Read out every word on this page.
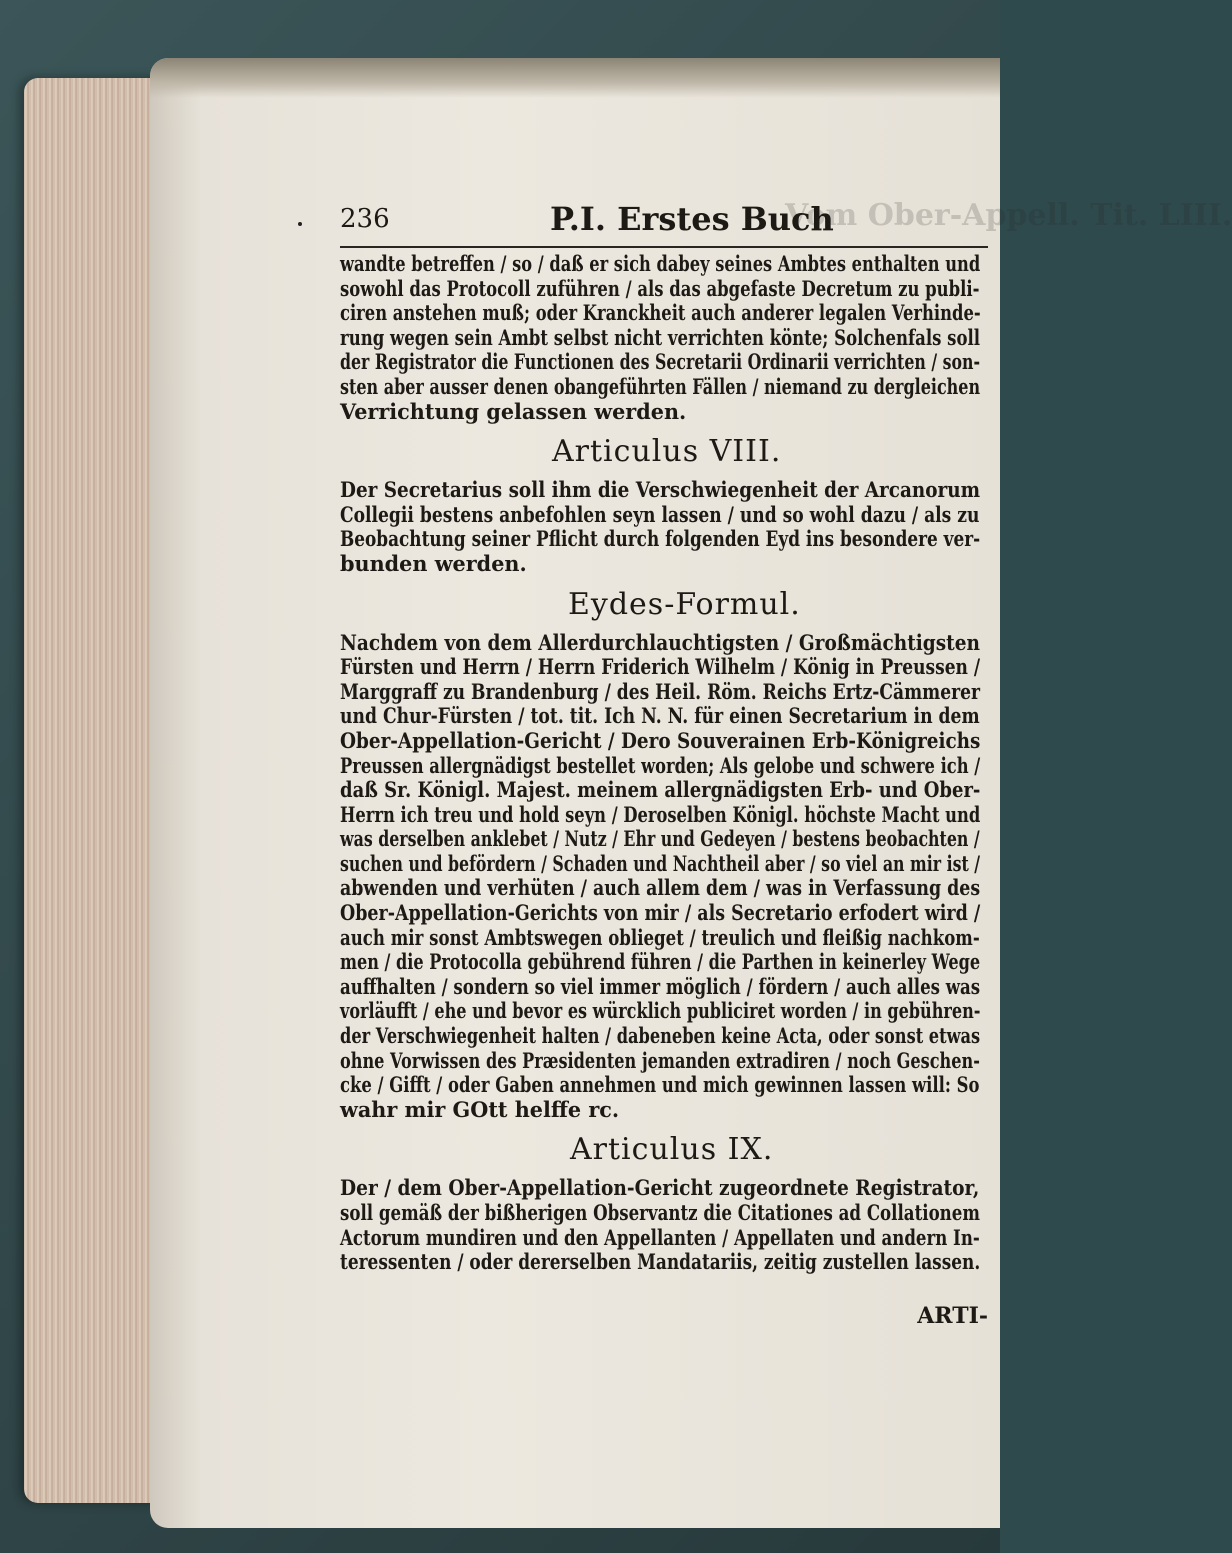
236	P.I. Erstes Buch
Vom Ober-Appell. Tit. LIII.

wandte betreffen / so / daß er sich dabey seines Ambtes enthalten und

sowohl das Protocoll zuführen / als das abgefaste Decretum zu publi-

ciren anstehen muß; oder Kranckheit auch anderer legalen Verhinde-

rung wegen sein Ambt selbst nicht verrichten könte; Solchenfals soll

der Registrator die Functionen des Secretarii Ordinarii verrichten / son-

sten aber ausser denen obangeführten Fällen / niemand zu dergleichen

Verrichtung gelassen werden.

Articulus VIII.

Der Secretarius soll ihm die Verschwiegenheit der Arcanorum

Collegii bestens anbefohlen seyn lassen / und so wohl dazu / als zu

Beobachtung seiner Pflicht durch folgenden Eyd ins besondere ver-

bunden werden.

Eydes-Formul.

Nachdem von dem Allerdurchlauchtigsten / Großmächtigsten

Fürsten und Herrn / Herrn Friderich Wilhelm / König in Preussen /

Marggraff zu Brandenburg / des Heil. Röm. Reichs Ertz-Cämmerer

und Chur-Fürsten / tot. tit. Ich N. N. für einen Secretarium in dem

Ober-Appellation-Gericht / Dero Souverainen Erb-Königreichs

Preussen allergnädigst bestellet worden; Als gelobe und schwere ich /

daß Sr. Königl. Majest. meinem allergnädigsten Erb- und Ober-

Herrn ich treu und hold seyn / Deroselben Königl. höchste Macht und

was derselben anklebet / Nutz / Ehr und Gedeyen / bestens beobachten /

suchen und befördern / Schaden und Nachtheil aber / so viel an mir ist /

abwenden und verhüten / auch allem dem / was in Verfassung des

Ober-Appellation-Gerichts von mir / als Secretario erfodert wird /

auch mir sonst Ambtswegen oblieget / treulich und fleißig nachkom-

men / die Protocolla gebührend führen / die Parthen in keinerley Wege

auffhalten / sondern so viel immer möglich / fördern / auch alles was

vorläufft / ehe und bevor es würcklich publiciret worden / in gebühren-

der Verschwiegenheit halten / dabeneben keine Acta, oder sonst etwas

ohne Vorwissen des Præsidenten jemanden extradiren / noch Geschen-

cke / Gifft / oder Gaben annehmen und mich gewinnen lassen will: So

wahr mir GOtt helffe rc.

Articulus IX.

Der / dem Ober-Appellation-Gericht zugeordnete Registrator,

soll gemäß der bißherigen Observantz die Citationes ad Collationem

Actorum mundiren und den Appellanten / Appellaten und andern In-

teressenten / oder dererselben Mandatariis, zeitig zustellen lassen.

ARTI-
